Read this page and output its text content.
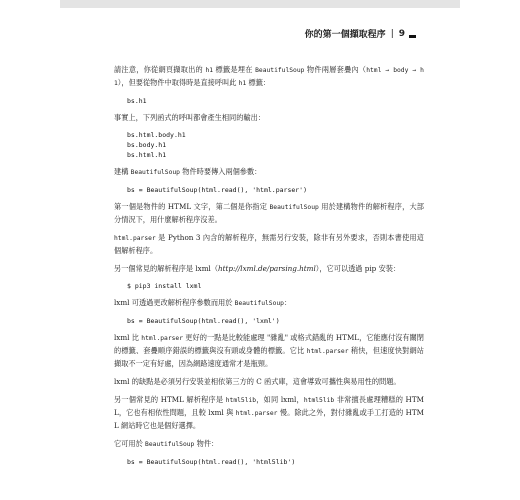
你的第一個擷取程序 | 9
請注意，你從網頁擷取出的 h1 標籤是埋在 BeautifulSoup 物件兩層套疊內（html → body → h1），但要從物件中取得時是直接呼叫此 h1 標籤：
bs.h1
事實上，下列函式的呼叫都會產生相同的輸出：
bs.html.body.h1
bs.body.h1
bs.html.h1
建構 BeautifulSoup 物件時要傳入兩個參數：
bs = BeautifulSoup(html.read(), 'html.parser')
第一個是物件的 HTML 文字，第二個是你指定 BeautifulSoup 用於建構物件的解析程序，大部分情況下，用什麼解析程序沒差。
html.parser 是 Python 3 內含的解析程序，無需另行安裝，除非有另外要求，否則本書使用這個解析程序。
另一個常見的解析程序是 lxml（http://lxml.de/parsing.html），它可以透過 pip 安裝：
$ pip3 install lxml
lxml 可透過更改解析程序參數而用於 BeautifulSoup：
bs = BeautifulSoup(html.read(), 'lxml')
lxml 比 html.parser 更好的一點是比較能處理 "雜亂" 或格式錯亂的 HTML，它能應付沒有關閉的標籤、套疊順序錯誤的標籤與沒有頭或身體的標籤。它比 html.parser 稍快，但速度快對網站擷取不一定有好處，因為網路速度通常才是瓶頸。
lxml 的缺點是必須另行安裝並相依第三方的 C 函式庫，這會導致可攜性與易用性的問題。
另一個常見的 HTML 解析程序是 html5lib，如同 lxml，html5lib 非常擅長處理糟糕的 HTML，它也有相依性問題，且較 lxml 與 html.parser 慢。除此之外，對付雜亂或手工打造的 HTML 網站時它也是個好選擇。
它可用於 BeautifulSoup 物件：
bs = BeautifulSoup(html.read(), 'html5lib')
